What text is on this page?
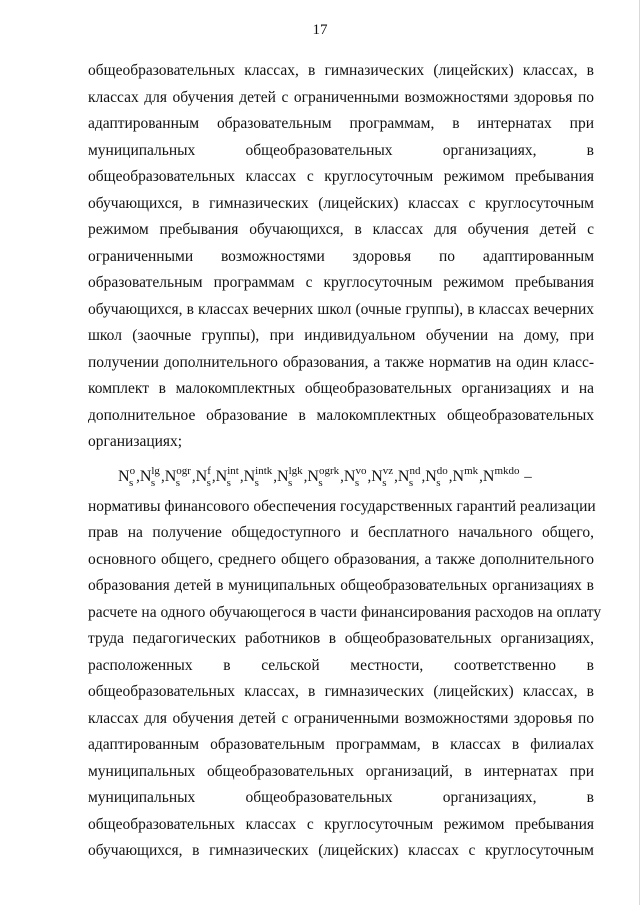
17
общеобразовательных классах, в гимназических (лицейских) классах, в
классах для обучения детей с ограниченными возможностями здоровья по
адаптированным образовательным программам, в интернатах при
муниципальных общеобразовательных организациях, в
общеобразовательных классах с круглосуточным режимом пребывания
обучающихся, в гимназических (лицейских) классах с круглосуточным
режимом пребывания обучающихся, в классах для обучения детей с
ограниченными возможностями здоровья по адаптированным
образовательным программам с круглосуточным режимом пребывания
обучающихся, в классах вечерних школ (очные группы), в классах вечерних
школ (заочные группы), при индивидуальном обучении на дому, при
получении дополнительного образования, а также норматив на один класс-
комплект в малокомплектных общеобразовательных организациях и на
дополнительное образование в малокомплектных общеобразовательных
организациях;
$N^o$
s $,N^{lg}$
s $,N^{ogr}$
s $,N^f$
s $,N^{int}$
s $,N^{intk}$
s $,N^{lgk}$
s $,N^{ogrk}$
s $,N^{vo}$
s $,N^{vz}$
s $,N^{nd}$
s $,N^{do}$
s $,N^{mk},N^{mkdo}$ –
нормативы финансового обеспечения государственных гарантий реализации
прав на получение общедоступного и бесплатного начального общего,
основного общего, среднего общего образования, а также дополнительного
образования детей в муниципальных общеобразовательных организациях в
расчете на одного обучающегося в части финансирования расходов на оплату
труда педагогических работников в общеобразовательных организациях,
расположенных в сельской местности, соответственно в
общеобразовательных классах, в гимназических (лицейских) классах, в
классах для обучения детей с ограниченными возможностями здоровья по
адаптированным образовательным программам, в классах в филиалах
муниципальных общеобразовательных организаций, в интернатах при
муниципальных общеобразовательных организациях, в
общеобразовательных классах с круглосуточным режимом пребывания
обучающихся, в гимназических (лицейских) классах с круглосуточным
